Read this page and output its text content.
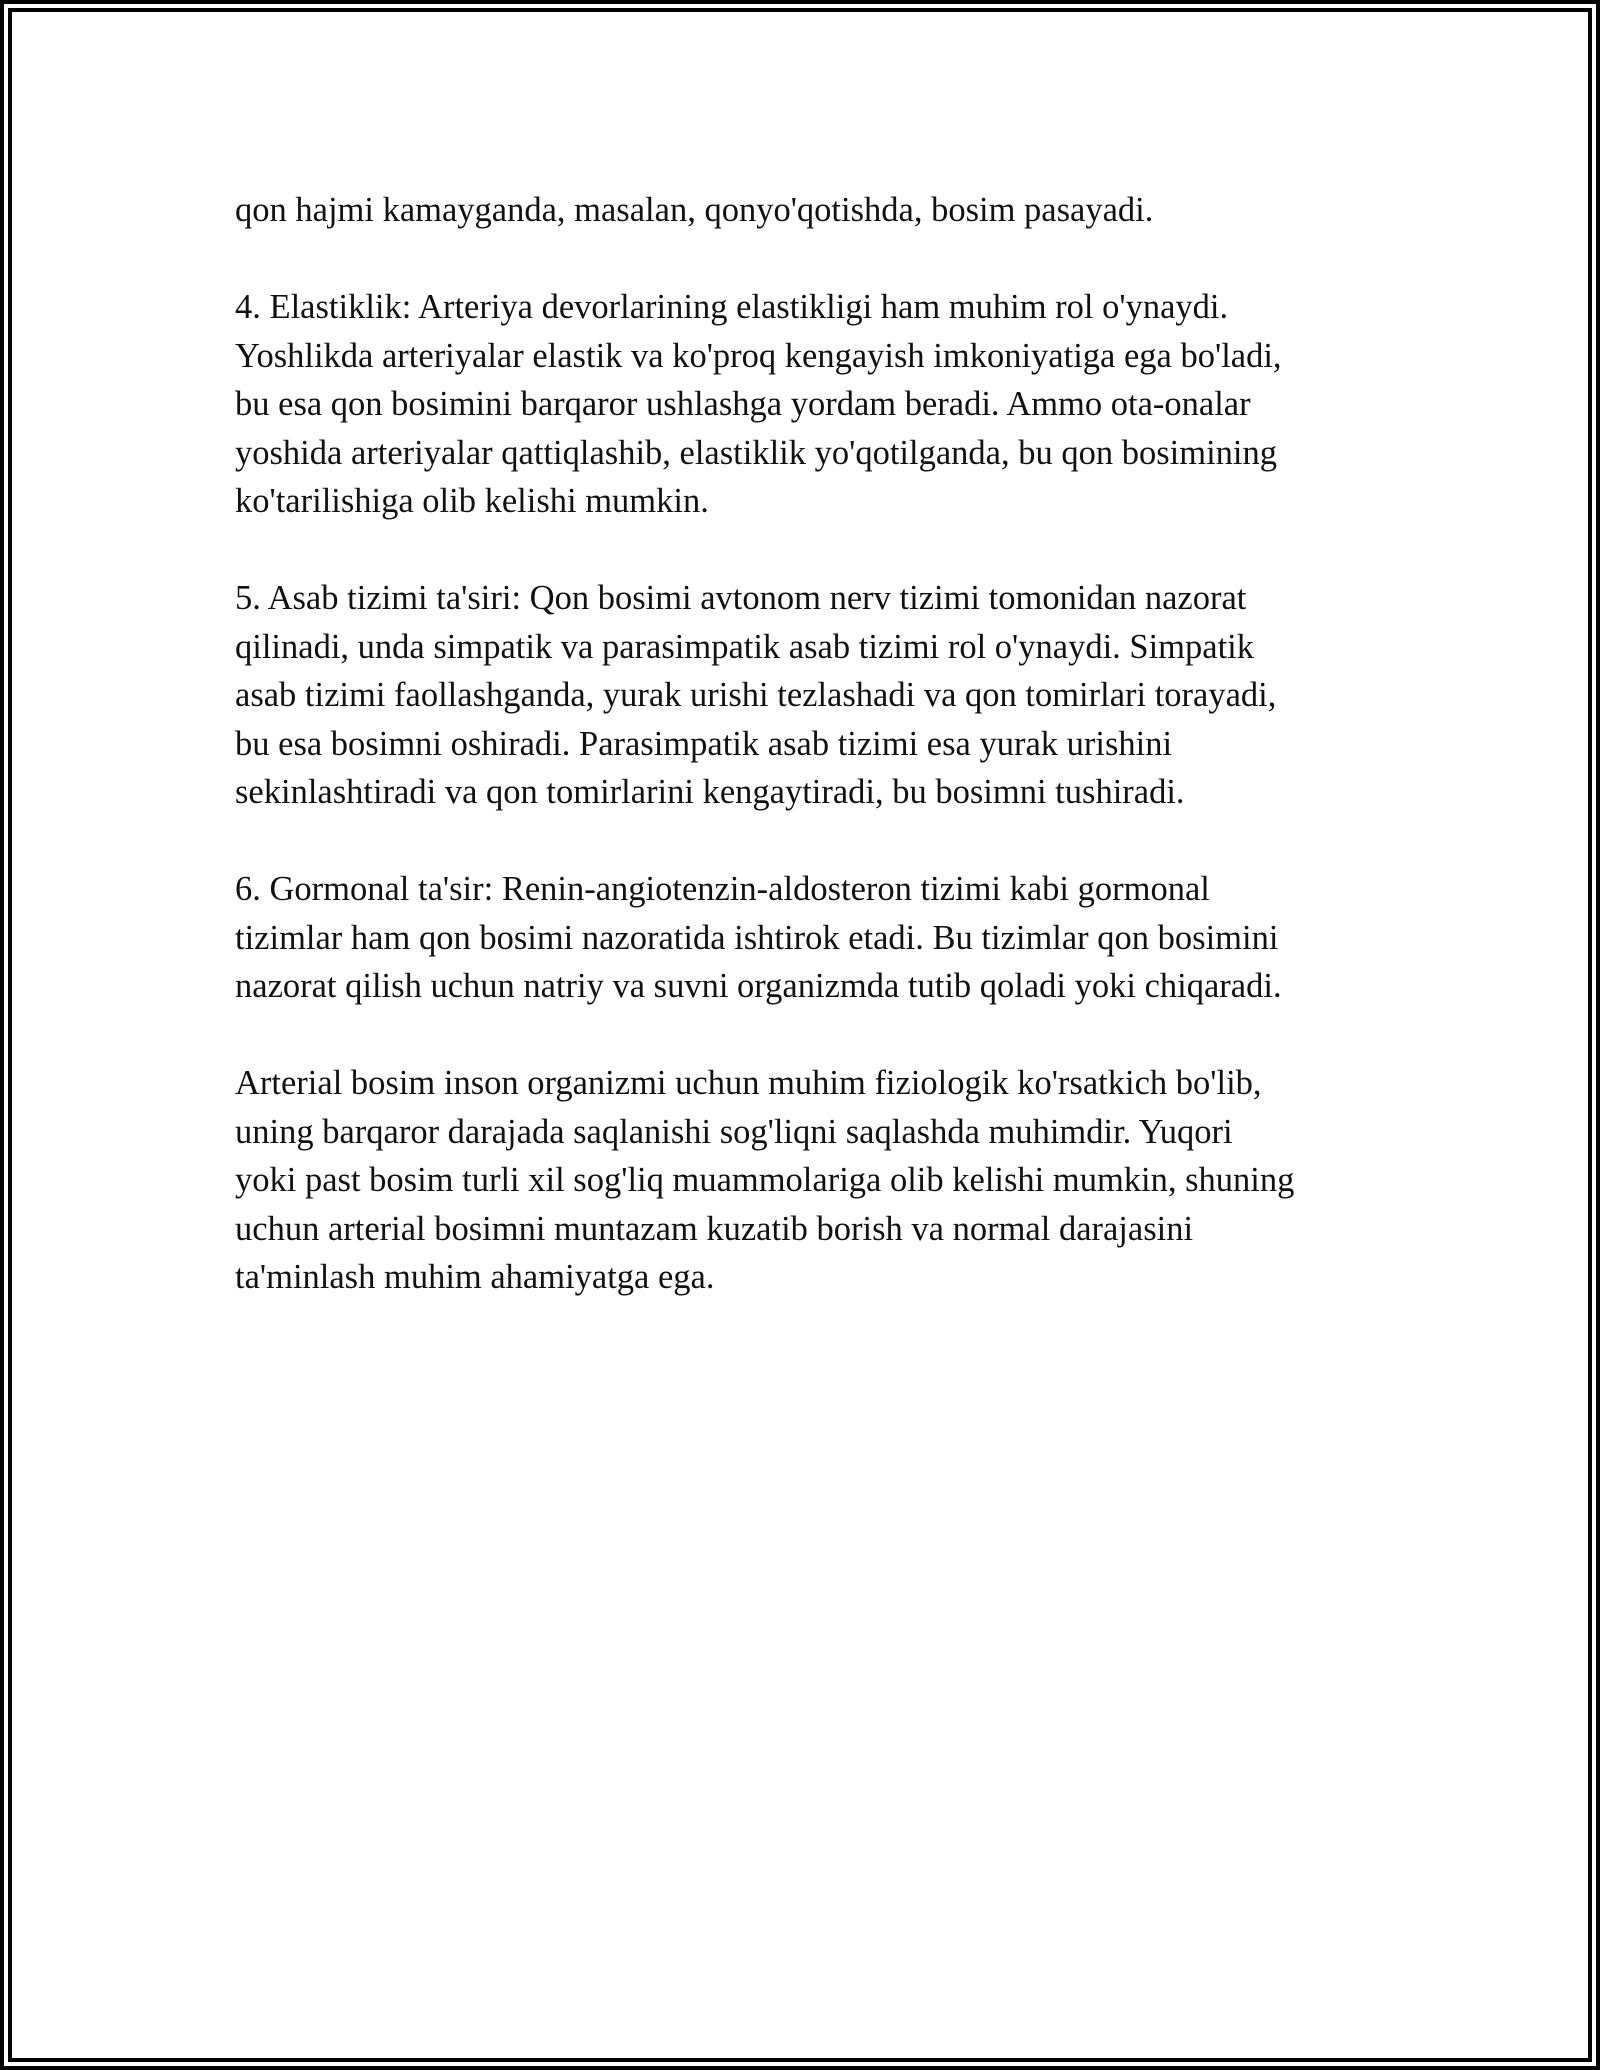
qon hajmi kamayganda, masalan, qonyo'qotishda, bosim pasayadi.

4. Elastiklik: Arteriya devorlarining elastikligi ham muhim rol o'ynaydi.
Yoshlikda arteriyalar elastik va ko'proq kengayish imkoniyatiga ega bo'ladi,
bu esa qon bosimini barqaror ushlashga yordam beradi. Ammo ota-onalar
yoshida arteriyalar qattiqlashib, elastiklik yo'qotilganda, bu qon bosimining
ko'tarilishiga olib kelishi mumkin.

5. Asab tizimi ta'siri: Qon bosimi avtonom nerv tizimi tomonidan nazorat
qilinadi, unda simpatik va parasimpatik asab tizimi rol o'ynaydi. Simpatik
asab tizimi faollashganda, yurak urishi tezlashadi va qon tomirlari torayadi,
bu esa bosimni oshiradi. Parasimpatik asab tizimi esa yurak urishini
sekinlashtiradi va qon tomirlarini kengaytiradi, bu bosimni tushiradi.

6. Gormonal ta'sir: Renin-angiotenzin-aldosteron tizimi kabi gormonal
tizimlar ham qon bosimi nazoratida ishtirok etadi. Bu tizimlar qon bosimini
nazorat qilish uchun natriy va suvni organizmda tutib qoladi yoki chiqaradi.

Arterial bosim inson organizmi uchun muhim fiziologik ko'rsatkich bo'lib,
uning barqaror darajada saqlanishi sog'liqni saqlashda muhimdir. Yuqori
yoki past bosim turli xil sog'liq muammolariga olib kelishi mumkin, shuning
uchun arterial bosimni muntazam kuzatib borish va normal darajasini
ta'minlash muhim ahamiyatga ega.
